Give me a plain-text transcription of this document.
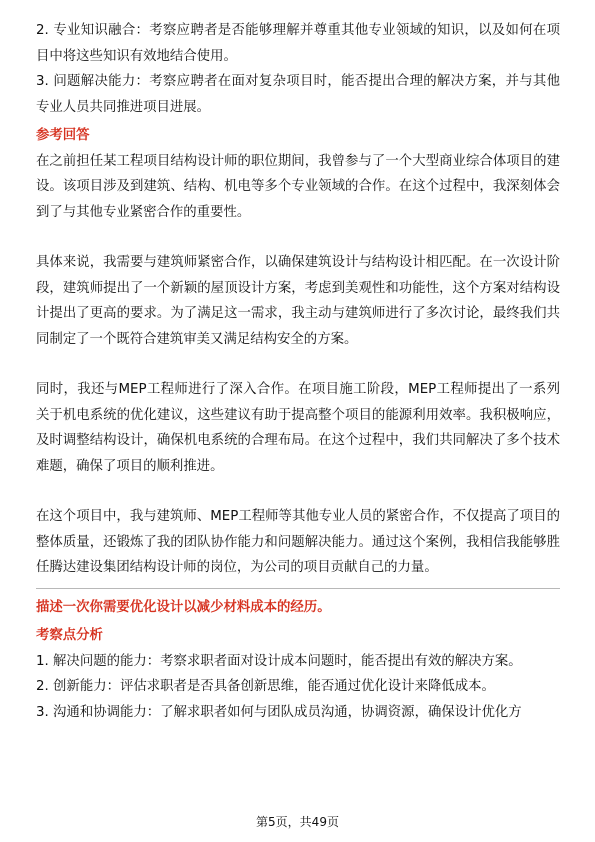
2. 专业知识融合：考察应聘者是否能够理解并尊重其他专业领域的知识，以及如何在项目中将这些知识有效地结合使用。

3. 问题解决能力：考察应聘者在面对复杂项目时，能否提出合理的解决方案，并与其他专业人员共同推进项目进展。

参考回答

在之前担任某工程项目结构设计师的职位期间，我曾参与了一个大型商业综合体项目的建设。该项目涉及到建筑、结构、机电等多个专业领域的合作。在这个过程中，我深刻体会到了与其他专业紧密合作的重要性。

具体来说，我需要与建筑师紧密合作，以确保建筑设计与结构设计相匹配。在一次设计阶段，建筑师提出了一个新颖的屋顶设计方案，考虑到美观性和功能性，这个方案对结构设计提出了更高的要求。为了满足这一需求，我主动与建筑师进行了多次讨论，最终我们共同制定了一个既符合建筑审美又满足结构安全的方案。

同时，我还与MEP工程师进行了深入合作。在项目施工阶段，MEP工程师提出了一系列关于机电系统的优化建议，这些建议有助于提高整个项目的能源利用效率。我积极响应，及时调整结构设计，确保机电系统的合理布局。在这个过程中，我们共同解决了多个技术难题，确保了项目的顺利推进。

在这个项目中，我与建筑师、MEP工程师等其他专业人员的紧密合作，不仅提高了项目的整体质量，还锻炼了我的团队协作能力和问题解决能力。通过这个案例，我相信我能够胜任腾达建设集团结构设计师的岗位，为公司的项目贡献自己的力量。

描述一次你需要优化设计以减少材料成本的经历。
考察点分析

1. 解决问题的能力：考察求职者面对设计成本问题时，能否提出有效的解决方案。

2. 创新能力：评估求职者是否具备创新思维，能否通过优化设计来降低成本。

3. 沟通和协调能力：了解求职者如何与团队成员沟通，协调资源，确保设计优化方

第5页，共49页
